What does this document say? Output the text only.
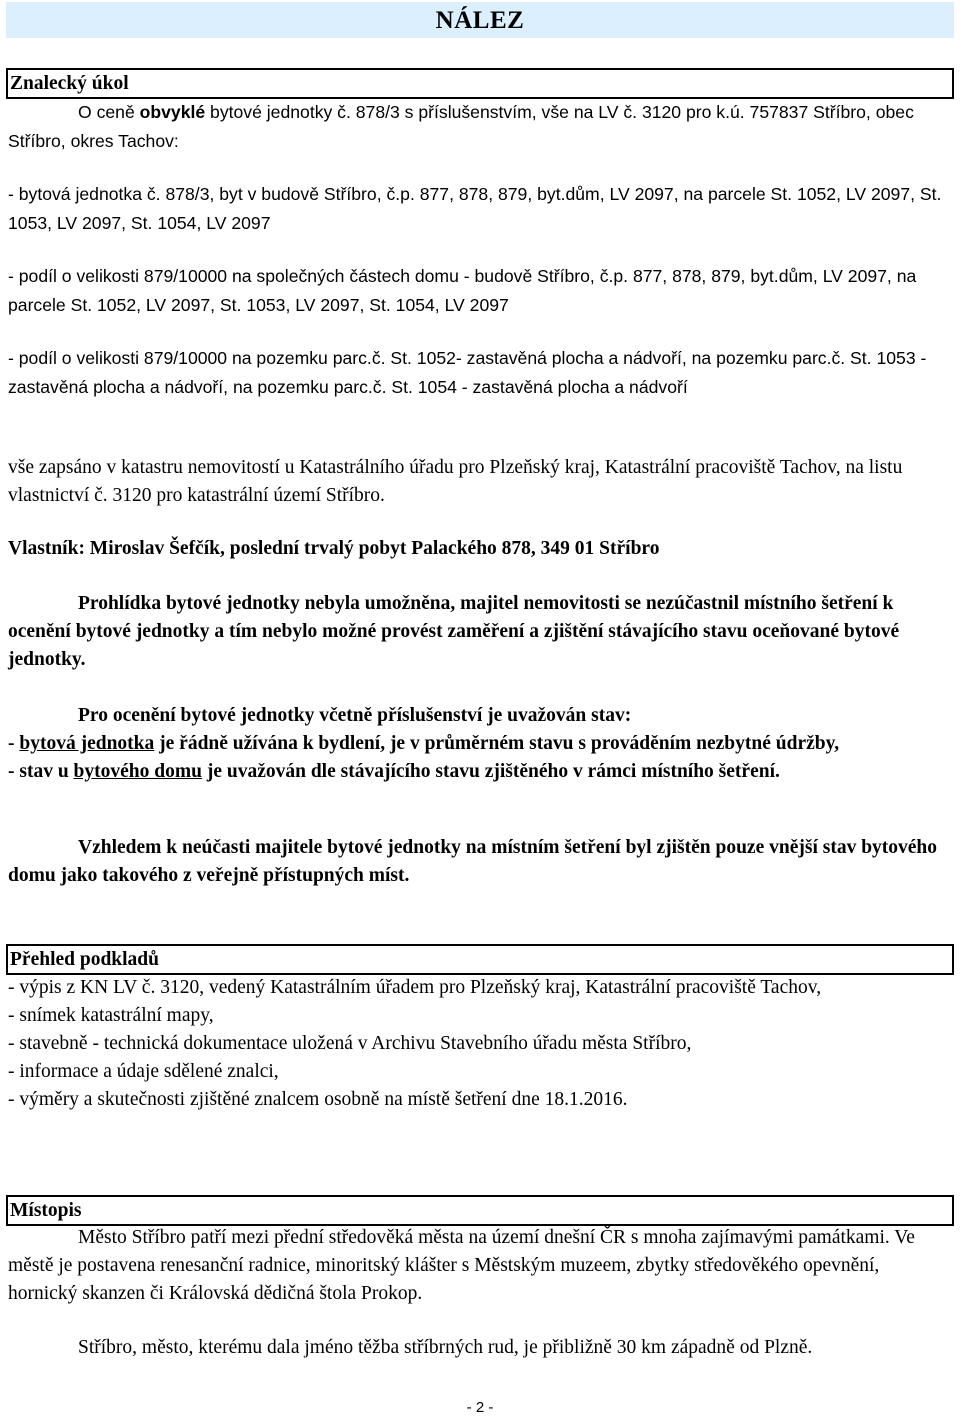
NÁLEZ
Znalecký úkol

O ceně obvyklé bytové jednotky č. 878/3 s příslušenstvím, vše na LV č. 3120 pro k.ú. 757837 Stříbro, obec Stříbro, okres Tachov:

- bytová jednotka č. 878/3, byt v budově Stříbro, č.p. 877, 878, 879, byt.dům, LV 2097, na parcele St. 1052, LV 2097, St. 1053, LV 2097, St. 1054, LV 2097
- podíl o velikosti 879/10000 na společných částech domu - budově Stříbro, č.p. 877, 878, 879, byt.dům, LV 2097, na parcele St. 1052, LV 2097, St. 1053, LV 2097, St. 1054, LV 2097
- podíl o velikosti 879/10000 na pozemku parc.č. St. 1052- zastavěná plocha a nádvoří, na pozemku parc.č. St. 1053 - zastavěná plocha a nádvoří, na pozemku parc.č. St. 1054 - zastavěná plocha a nádvoří
vše zapsáno v katastru nemovitostí u Katastrálního úřadu pro Plzeňský kraj, Katastrální pracoviště Tachov, na listu vlastnictví č. 3120 pro katastrální území Stříbro.
Vlastník: Miroslav Šefčík, poslední trvalý pobyt Palackého 878, 349 01 Stříbro

Prohlídka bytové jednotky nebyla umožněna, majitel nemovitosti se nezúčastnil místního šetření k ocenění bytové jednotky a tím nebylo možné provést zaměření a zjištění stávajícího stavu oceňované bytové jednotky.

Pro ocenění bytové jednotky včetně příslušenství je uvažován stav:

- bytová jednotka je řádně užívána k bydlení, je v průměrném stavu s prováděním nezbytné údržby,

- stav u bytového domu je uvažován dle stávajícího stavu zjištěného v rámci místního šetření.

Vzhledem k neúčasti majitele bytové jednotky na místním šetření byl zjištěn pouze vnější stav bytového domu jako takového z veřejně přístupných míst.

Přehled podkladů

- výpis z KN LV č. 3120, vedený Katastrálním úřadem pro Plzeňský kraj, Katastrální pracoviště Tachov,

- snímek katastrální mapy,

- stavebně - technická dokumentace uložená v Archivu Stavebního úřadu města Stříbro,

- informace a údaje sdělené znalci,

- výměry a skutečnosti zjištěné znalcem osobně na místě šetření dne 18.1.2016.

Místopis

Město Stříbro patří mezi přední středověká města na území dnešní ČR s mnoha zajímavými památkami. Ve městě je postavena renesanční radnice, minoritský klášter s Městským muzeem, zbytky středověkého opevnění, hornický skanzen či Královská dědičná štola Prokop.

Stříbro, město, kterému dala jméno těžba stříbrných rud, je přibližně 30 km západně od Plzně.

- 2 -
